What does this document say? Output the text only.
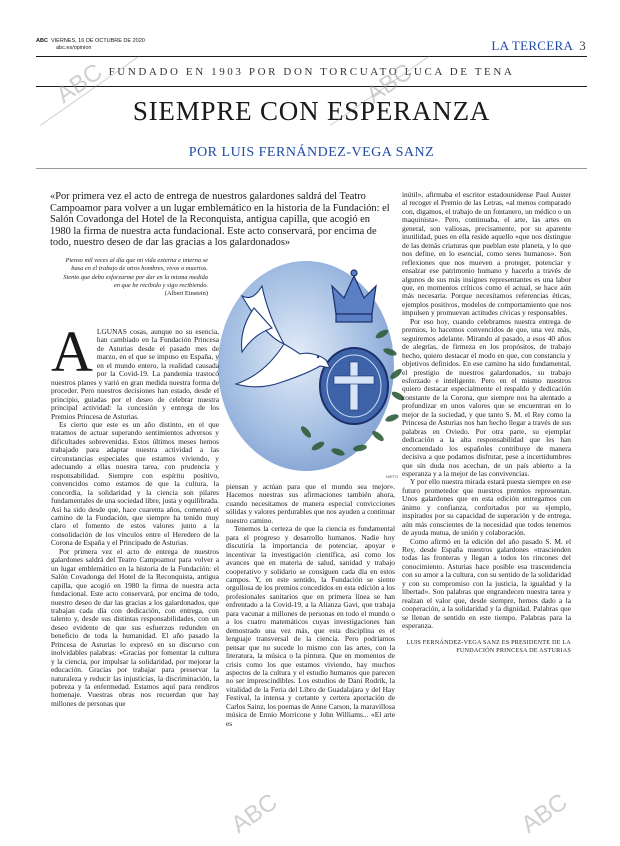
ABC VIERNES, 16 DE OCTUBRE DE 2020
abc.es/opinion	LA TERCERA 3
FUNDADO EN 1903 POR DON TORCUATO LUCA DE TENA
SIEMPRE CON ESPERANZA
POR LUIS FERNÁNDEZ-VEGA SANZ
«Por primera vez el acto de entrega de nuestros galardones saldrá del Teatro Campoamor para volver a un lugar emblemático en la historia de la Fundación: el Salón Covadonga del Hotel de la Reconquista, antigua capilla, que acogió en 1980 la firma de nuestra acta fundacional. Este acto conservará, por encima de todo, nuestro deseo de dar las gracias a los galardonados»
Pienso mil veces al día que mi vida externa e interna se basa en el trabajo de otros hombres, vivos o muertos. Siento que debo esforzarme por dar en la misma medida en que he recibido y sigo recibiendo.
(Albert Einstein)
NIETO
A LGUNAS cosas, aunque no su esencia, han cambiado en la Fundación Princesa de Asturias desde el pasado mes de marzo, en el que se impuso en España, y en el mundo entero, la realidad causada por la Covid-19. La pandemia trastocó nuestros planes y varió en gran medida nuestra forma de proceder. Pero nuestros decisiones han estado, desde el principio, guiadas por el deseo de celebrar nuestra principal actividad: la concesión y entrega de los Premios Princesa de Asturias.

Es cierto que este es un año distinto, en el que tratamos de actuar superando sentimientos adversos y dificultades sobrevenidas. Estos últimos meses hemos trabajado para adaptar nuestra actividad a las circunstancias especiales que estamos viviendo, y adecuando a ellas nuestra tarea, con prudencia y responsabilidad. Siempre con espíritu positivo, convencidos como estamos de que la cultura, la concordia, la solidaridad y la ciencia son pilares fundamentales de una sociedad libre, justa y equilibrada. Así ha sido desde que, hace cuarenta años, comenzó el camino de la Fundación, que siempre ha tenido muy claro el fomento de estos valores junto a la consolidación de los vínculos entre el Heredero de la Corona de España y el Principado de Asturias.

Por primera vez el acto de entrega de nuestros galardones saldrá del Teatro Campoamor para volver a un lugar emblemático en la historia de la Fundación: el Salón Covadonga del Hotel de la Reconquista, antigua capilla, que acogió en 1980 la firma de nuestra acta fundacional. Este acto conservará, por encima de todo, nuestro deseo de dar las gracias a los galardonados, que trabajan cada día con dedicación, con entrega, con talento y, desde sus distintas responsabilidades, con un deseo evidente de que sus esfuerzos redunden en beneficio de toda la humanidad. El año pasado la Princesa de Asturias lo expresó en su discurso con inolvidables palabras: «Gracias por fomentar la cultura y la ciencia, por impulsar la solidaridad, por mejorar la educación. Gracias por trabajar para preservar la naturaleza y reducir las injusticias, la discriminación, la pobreza y la enfermedad. Estamos aquí para rendiros homenaje. Vuestras obras nos recuerdan que hay millones de personas que

piensan y actúan para que el mundo sea mejor». Hacemos nuestras sus afirmaciones también ahora, cuando necesitamos de manera especial convicciones sólidas y valores perdurables que nos ayuden a continuar nuestro camino.

Tenemos la certeza de que la ciencia es fundamental para el progreso y desarrollo humanos. Nadie hoy discutiría la importancia de potenciar, apoyar e incentivar la investigación científica, así como los avances que en materia de salud, sanidad y trabajo cooperativo y solidario se consiguen cada día en estos campos. Y, en este sentido, la Fundación se siente orgullosa de los premios concedidos en esta edición a los profesionales sanitarios que en primera línea se han enfrentado a la Covid-19, a la Alianza Gavi, que trabaja para vacunar a millones de personas en todo el mundo o a los cuatro matemáticos cuyas investigaciones han demostrado una vez más, que esta disciplina es el lenguaje transversal de la ciencia. Pero podríamos pensar que no sucede lo mismo con las artes, con la literatura, la música o la pintura. Que en momentos de crisis como los que estamos viviendo, hay muchos aspectos de la cultura y el estudio humanos que parecen no ser imprescindibles. Los estudios de Dani Rodrik, la vitalidad de la Feria del Libro de Guadalajara y del Hay Festival, la intensa y cortante y certera aportación de Carlos Sainz, los poemas de Anne Carson, la maravillosa música de Ennio Morricone y John Williams... «El arte es

inútil», afirmaba el escritor estadounidense Paul Auster al recoger el Premio de las Letras, «al menos comparado con, digamos, el trabajo de un fontanero, un médico o un maquinista». Pero, continuaba, el arte, las artes en general, son valiosas, precisamente, por su aparente inutilidad, pues en ella reside aquello «que nos distingue de las demás criaturas que pueblan este planeta, y lo que nos define, en lo esencial, como seres humanos». Son reflexiones que nos mueven a proteger, potenciar y ensalzar ese patrimonio humano y hacerlo a través de algunos de sus más insignes representantes es una labor que, en momentos críticos como el actual, se hace aún más necesaria. Porque necesitamos referencias éticas, ejemplos positivos, modelos de comportamiento que nos impulsen y promuevan actitudes cívicas y responsables.

Por eso hoy, cuando celebramos nuestra entrega de premios, lo hacemos convencidos de que, una vez más, seguiremos adelante. Mirando al pasado, a esos 40 años de alegrías, de firmeza en los propósitos, de trabajo hecho, quiero destacar el modo en que, con constancia y objetivos definidos. En ese camino ha sido fundamental, el prestigio de nuestros galardonados, su trabajo esforzado e inteligente. Pero en el mismo nuestros quiero destacar especialmente el respaldo y dedicación constante de la Corona, que siempre nos ha alentado a profundizar en unos valores que se encuentran en lo mejor de la sociedad, y que tanto S. M. el Rey como la Princesa de Asturias nos han hecho llegar a través de sus palabras en Oviedo. Por otra parte, su ejemplar dedicación a la alta responsabilidad que les han encomendado los españoles contribuye de manera decisiva a que podamos disfrutar, pese a incertidumbres que sin duda nos acechan, de un país abierto a la esperanza y a la mejor de las convivencias.

Y por ello nuestra mirada estará puesta siempre en ese futuro prometedor que nuestros premios representan. Unos galardones que en esta edición entregamos con ánimo y confianza, confortados por su ejemplo, inspirados por su capacidad de superación y de entrega, aún más conscientes de la necesidad que todos tenemos de ayuda mutua, de unión y colaboración.

Como afirmó en la edición del año pasado S. M. el Rey, desde España nuestros galardones «trascienden todas las fronteras y llegan a todos los rincones del conocimiento. Asturias hace posible esa trascendencia con su amor a la cultura, con su sentido de la solidaridad y con su compromiso con la justicia, la igualdad y la libertad». Son palabras que engrandecen nuestra tarea y realzan el valor que, desde siempre, hemos dado a la cooperación, a la solidaridad y la dignidad. Palabras que se llenan de sentido en este tiempo. Palabras para la esperanza.

LUIS FERNÁNDEZ-VEGA SANZ ES PRESIDENTE DE LA FUNDACIÓN PRINCESA DE ASTURIAS

ABC	ABC
ABC	ABC
